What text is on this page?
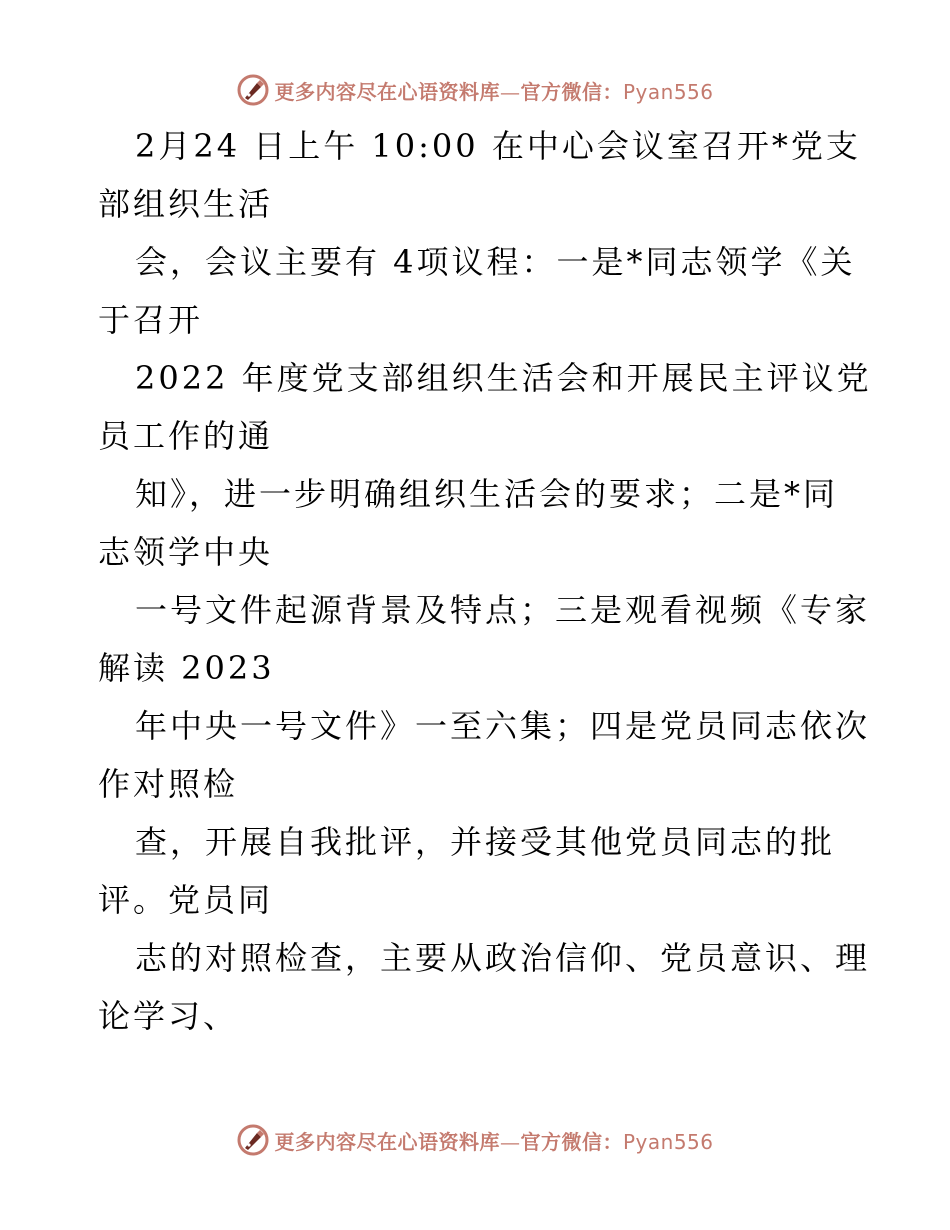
更多内容尽在心语资料库—官方微信：Pyan556
2月24 日上午 10:00 在中心会议室召开*党支
部组织生活
会，会议主要有 4项议程：一是*同志领学《关
于召开
2022 年度党支部组织生活会和开展民主评议党
员工作的通
知》，进一步明确组织生活会的要求；二是*同
志领学中央
一号文件起源背景及特点；三是观看视频《专家
解读 2023
年中央一号文件》一至六集；四是党员同志依次
作对照检
查，开展自我批评，并接受其他党员同志的批
评。党员同
志的对照检查，主要从政治信仰、党员意识、理
论学习、
更多内容尽在心语资料库—官方微信：Pyan556
